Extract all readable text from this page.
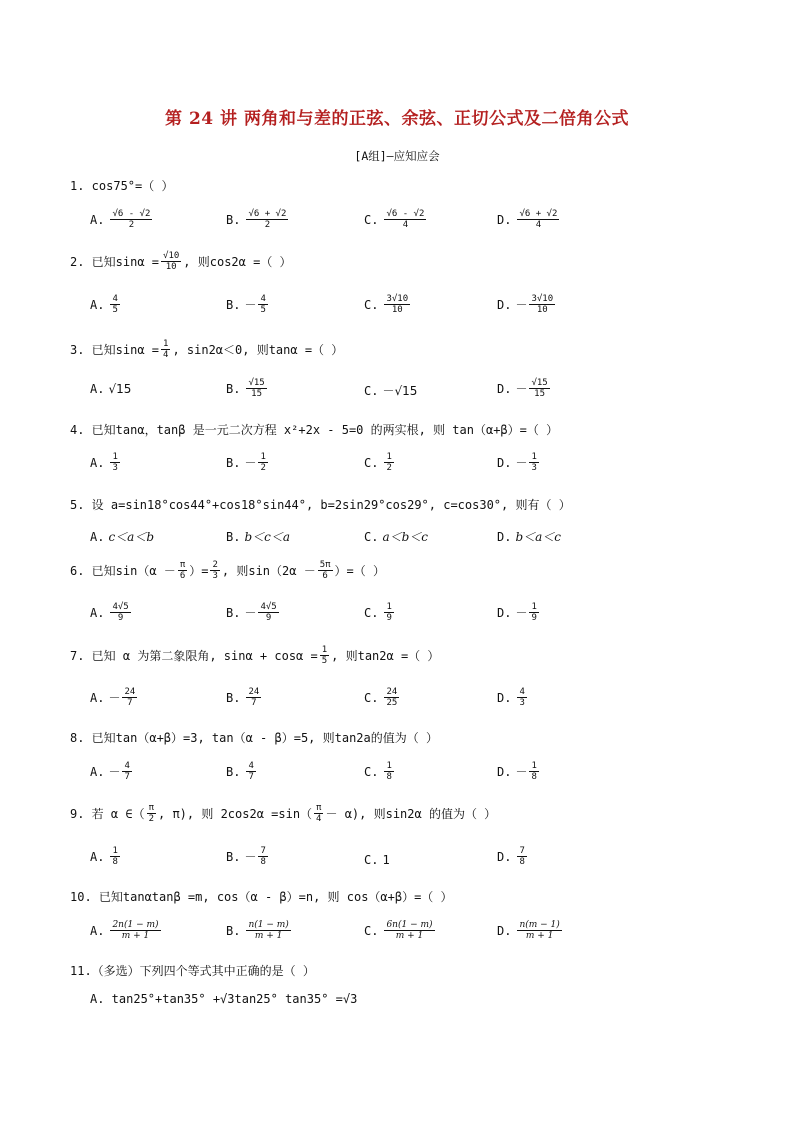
第 24 讲 两角和与差的正弦、余弦、正切公式及二倍角公式
[A组]—应知应会
1. cos75°=（ ）
A. $\frac{√6 - √2}{2}$	B. $\frac{√6 + √2}{2}$	C. $\frac{√6 - √2}{4}$	D. $\frac{√6 + √2}{4}$
2. 已知$\sin\alpha = \frac{√10}{10}$ , 则cos2α =（ ）
A. $\frac{4}{5}$	B. － $\frac{4}{5}$	C. $\frac{3√10}{10}$	D. － $\frac{3√10}{10}$
3. 已知$\sin\alpha = \frac{1}{4}$ , sin2α＜0, 则tanα =（ ）
A. √15	B. $\frac{√15}{15}$	C. －√15	D. － $\frac{√15}{15}$
4. 已知tanα，tanβ 是一元二次方程 x²+2x - 5=0 的两实根, 则 tan（α+β）=（ ）
A. $\frac{1}{3}$	B. － $\frac{1}{2}$	C. $\frac{1}{2}$	D. － $\frac{1}{3}$
5. 设 a=sin18°cos44°+cos18°sin44°, b=2sin29°cos29°, c=cos30°, 则有（ ）
A. c＜a＜b	B. b＜c＜a	C. a＜b＜c	D. b＜a＜c
6. 已知$\sin(\alpha - \frac{\pi}{6}$ ）= $\frac{2}{3}$ , 则$\sin(2\alpha - \frac{5\pi}{6}$ ）=（ ）
A. $\frac{4√5}{9}$	B. － $\frac{4√5}{9}$	C. $\frac{1}{9}$	D. － $\frac{1}{9}$
7. 已知 α 为第二象限角, $\sin\alpha + \cos\alpha = \frac{1}{5}$ , 则tan2α =（ ）
A. － $\frac{24}{7}$	B. $\frac{24}{7}$	C. $\frac{24}{25}$	D. $\frac{4}{3}$
8. 已知tan（α+β）=3, tan（α - β）=5, 则tan2a的值为（ ）
A. － $\frac{4}{7}$	B. $\frac{4}{7}$	C. $\frac{1}{8}$	D. － $\frac{1}{8}$
9. 若 α ∈（ $\frac{\pi}{2}$ , π), 则 $2\cos 2\alpha =\sin( \frac{\pi}{4} - \alpha)$, 则sin2α 的值为（ ）
A. $\frac{1}{8}$	B. － $\frac{7}{8}$	C. 1	D. $\frac{7}{8}$
10. 已知tanαtanβ =m, cos（α - β）=n, 则 cos（α+β）=（ ）
A. $\frac{2n(1 - m)}{m + 1}$	B. $\frac{n(1 - m)}{m + 1}$	C. $\frac{6n(1 - m)}{m + 1}$	D. $\frac{n(m - 1)}{m + 1}$
11.（多选）下列四个等式其中正确的是（ ）
A. tan25°+tan35° +√3tan25° tan35° =√3
